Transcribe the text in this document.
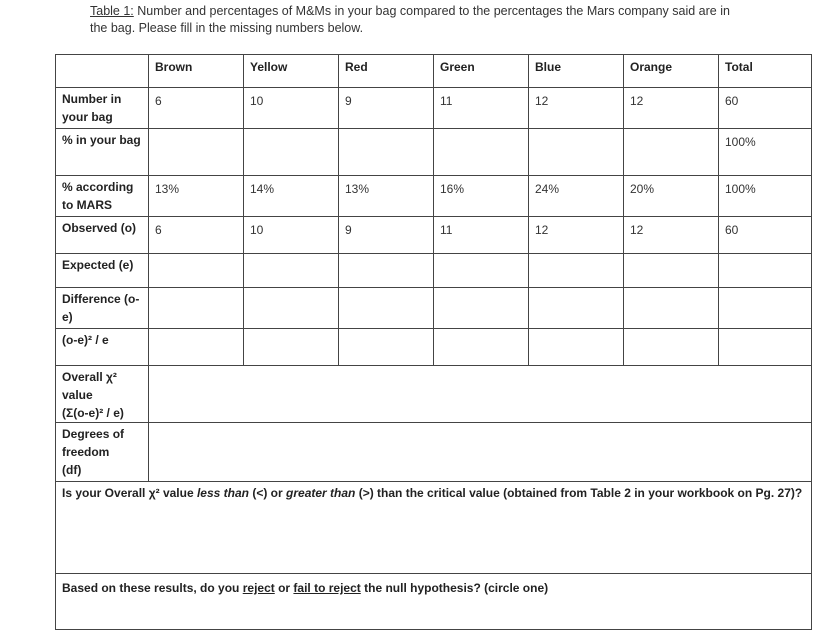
Table 1: Number and percentages of M&Ms in your bag compared to the percentages the Mars company said are in the bag. Please fill in the missing numbers below.
	Brown	Yellow	Red	Green	Blue	Orange	Total
Number in your bag	6	10	9	11	12	12	60
% in your bag							100%
% according to MARS	13%	14%	13%	16%	24%	20%	100%
Observed (o)	6	10	9	11	12	12	60
Expected (e)							
Difference (o-e)							
(o-e)² / e							

Overall χ²
value
(Σ(o-e)² / e)							

Degrees of
freedom
(df)							

Is your Overall χ² value less than (<) or greater than (>) than the critical value (obtained from Table 2 in your workbook on Pg. 27)?							
Based on these results, do you reject or fail to reject the null hypothesis? (circle one)							
